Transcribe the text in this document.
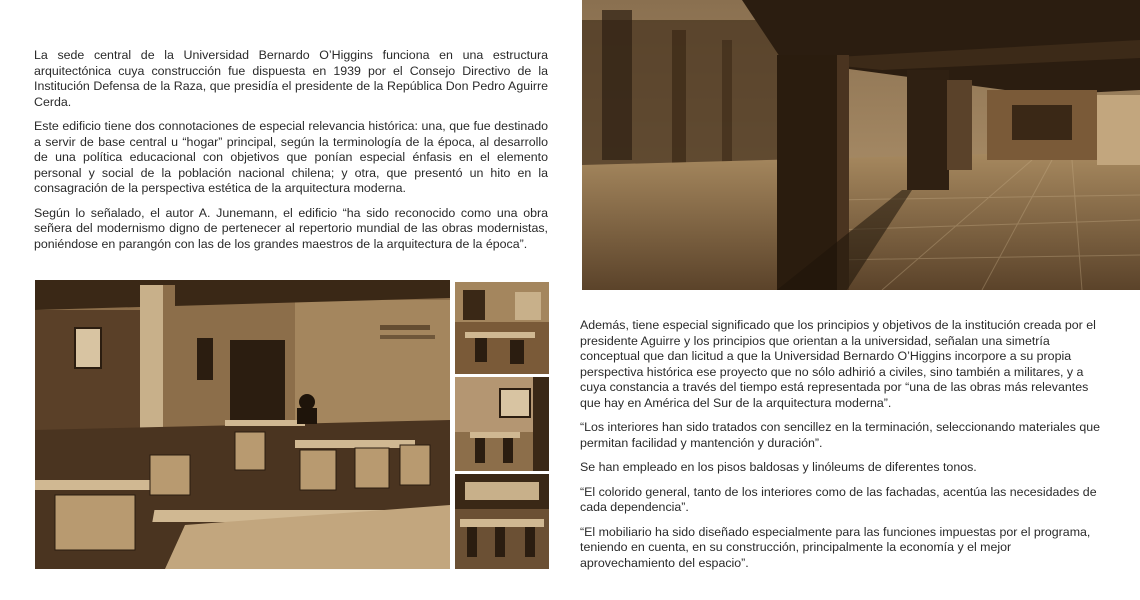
La sede central de la Universidad Bernardo O’Higgins funciona en una estructura arquitectónica cuya construcción fue dispuesta en 1939 por el Consejo Directivo de la Institución Defensa de la Raza, que presidía el presidente de la República Don Pedro Aguirre Cerda.

Este edificio tiene dos connotaciones de especial relevancia histórica: una, que fue destinado a servir de base central u “hogar” principal, según la terminología de la época, al desarrollo de una política educacional con objetivos que ponían especial énfasis en el elemento personal y social de la población nacional chilena; y otra, que presentó un hito en la consagración de la perspectiva estética de la arquitectura moderna.

Según lo señalado, el autor A. Junemann, el edificio “ha sido reconocido como una obra señera del modernismo digno de pertenecer al repertorio mundial de las obras modernistas, poniéndose en parangón con las de los grandes maestros de la arquitectura de la época”.

Además, tiene especial significado que los principios y objetivos de la institución creada por el presidente Aguirre y los principios que orientan a la universidad, señalan una simetría conceptual que dan licitud a que la Universidad Bernardo O’Higgins incorpore a su propia perspectiva histórica ese proyecto que no sólo adhirió a civiles, sino también a militares, y a cuya constancia a través del tiempo está representada por “una de las obras más relevantes que hay en América del Sur de la arquitectura moderna”.

“Los interiores han sido tratados con sencillez en la terminación, seleccionando materiales que permitan facilidad y mantención y duración”.

Se han empleado en los pisos baldosas y linóleums de diferentes tonos.

“El colorido general, tanto de los interiores como de las fachadas, acentúa las necesidades de cada dependencia”.

“El mobiliario ha sido diseñado especialmente para las funciones impuestas por el programa, teniendo en cuenta, en su construcción, principalmente la economía y el mejor aprovechamiento del espacio”.
